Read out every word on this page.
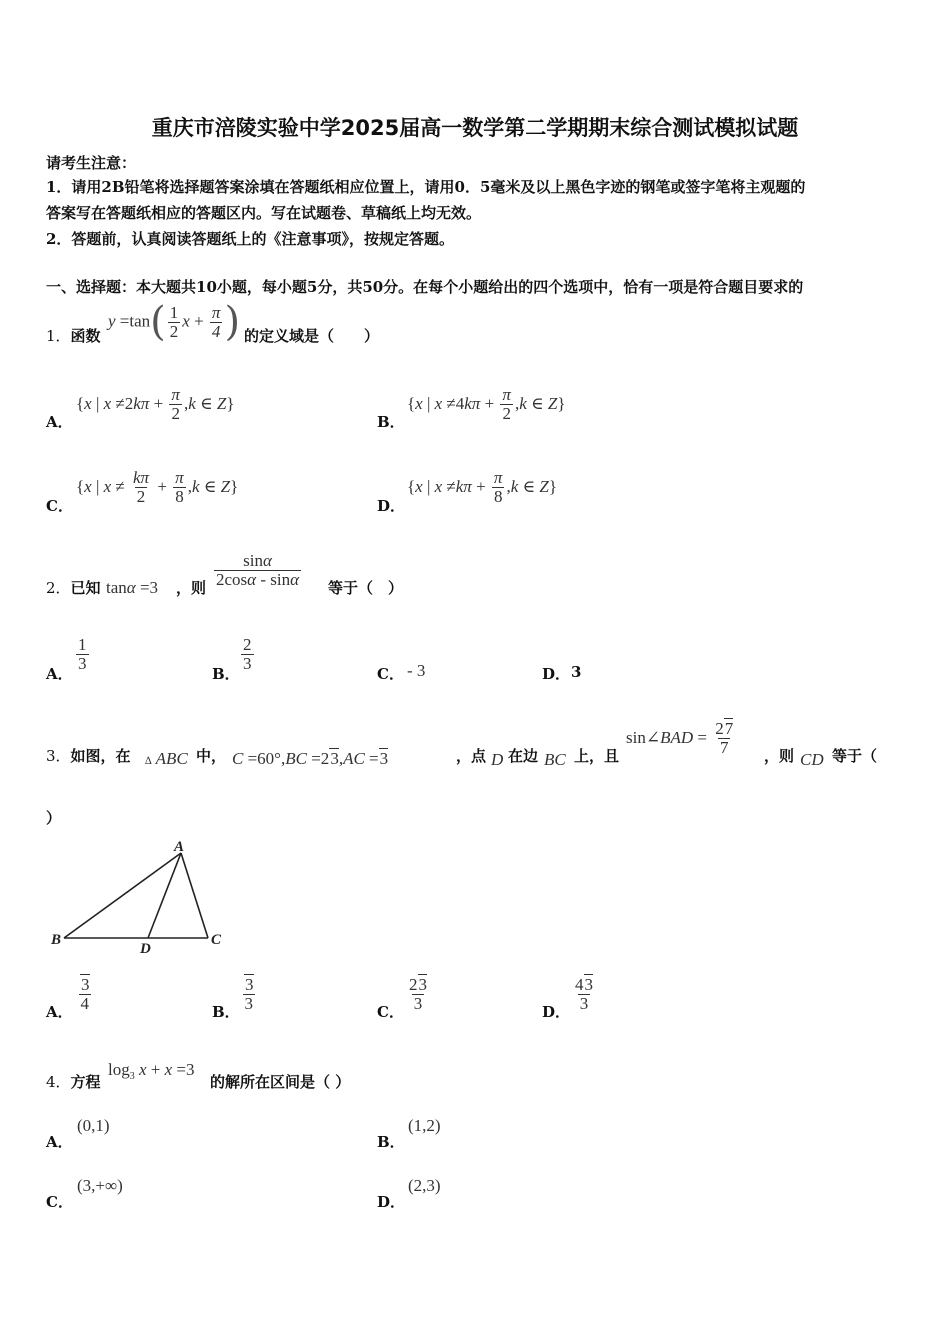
重庆市涪陵实验中学2025届高一数学第二学期期末综合测试模拟试题
请考生注意：
1．请用2B铅笔将选择题答案涂填在答题纸相应位置上，请用0．5毫米及以上黑色字迹的钢笔或签字笔将主观题的
答案写在答题纸相应的答题区内。写在试题卷、草稿纸上均无效。
2．答题前，认真阅读答题纸上的《注意事项》，按规定答题。
一、选择题：本大题共10小题，每小题5分，共50分。在每个小题给出的四个选项中，恰有一项是符合题目要求的
1．函数
$y =\tan( \frac{1}{2}$ $x + \frac{\pi}{4}$ ) 的定义域是（　　）
A．
{x | $x \ne 2k\pi + \frac{\pi}{2} ,k$ ∈ Z}
B．
{x | $x \ne 4k\pi + \frac{\pi}{2} ,k$ ∈ Z}
C．
{x | $x \ne \frac{k\pi}{2} + \frac{\pi}{8} ,k$ ∈ Z}
D．
{x | $x \ne k\pi + \frac{\pi}{8} ,k$ ∈ Z}
2．已知 tanα =3 ，则 $\frac{\sin\alpha}{2\cos\alpha - \sin\alpha}$ 等于（　）
A．
$\frac{1}{3}$
B．
$\frac{2}{3}$
C． - 3	D． 3
3．如图，在 ∆ ABC 中， C =60°,BC =23,AC =3	，点 D 在边 BC 上，且
sin∠BAD = $\frac{27}{7}$ ，则 CD 等于（
）
A
B	C
D
A． $\frac{3}{4}$	B． $\frac{3}{3}$	C． $\frac{23}{3}$	D． $\frac{43}{3}$
4．方程
$\log_3 x + x =3$
的解所在区间是（ ）
A．
(0,1)
B．
(1,2)
C．
(3,+∞)
D．
(2,3)
